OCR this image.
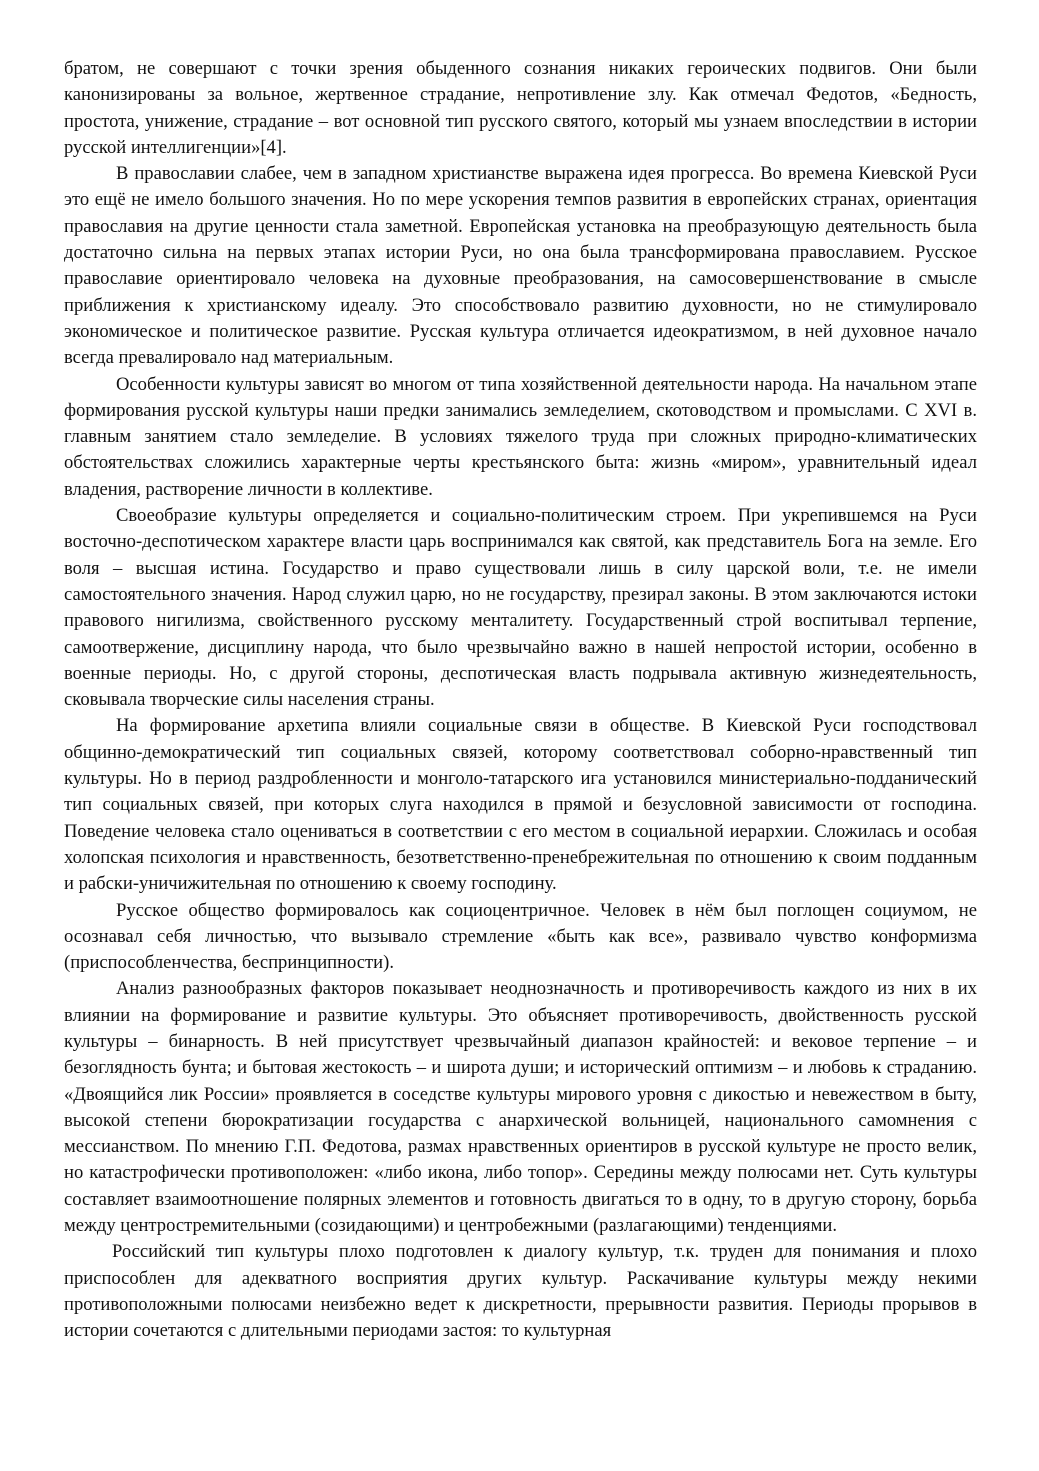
братом, не совершают с точки зрения обыденного сознания никаких героических подвигов. Они были канонизированы за вольное, жертвенное страдание, непротивление злу. Как отмечал Федотов, «Бедность, простота, унижение, страдание – вот основной тип русского святого, который мы узнаем впоследствии в истории русской интеллигенции»[4].

В православии слабее, чем в западном христианстве выражена идея прогресса. Во времена Киевской Руси это ещё не имело большого значения. Но по мере ускорения темпов развития в европейских странах, ориентация православия на другие ценности стала заметной. Европейская установка на преобразующую деятельность была достаточно сильна на первых этапах истории Руси, но она была трансформирована православием. Русское православие ориентировало человека на духовные преобразования, на самосовершенствование в смысле приближения к христианскому идеалу. Это способствовало развитию духовности, но не стимулировало экономическое и политическое развитие. Русская культура отличается идеократизмом, в ней духовное начало всегда превалировало над материальным.

Особенности культуры зависят во многом от типа хозяйственной деятельности народа. На начальном этапе формирования русской культуры наши предки занимались земледелием, скотоводством и промыслами. С XVI в. главным занятием стало земледелие. В условиях тяжелого труда при сложных природно-климатических обстоятельствах сложились характерные черты крестьянского быта: жизнь «миром», уравнительный идеал владения, растворение личности в коллективе.

Своеобразие культуры определяется и социально-политическим строем. При укрепившемся на Руси восточно-деспотическом характере власти царь воспринимался как святой, как представитель Бога на земле. Его воля – высшая истина. Государство и право существовали лишь в силу царской воли, т.е. не имели самостоятельного значения. Народ служил царю, но не государству, презирал законы. В этом заключаются истоки правового нигилизма, свойственного русскому менталитету. Государственный строй воспитывал терпение, самоотвержение, дисциплину народа, что было чрезвычайно важно в нашей непростой истории, особенно в военные периоды. Но, с другой стороны, деспотическая власть подрывала активную жизнедеятельность, сковывала творческие силы населения страны.

На формирование архетипа влияли социальные связи в обществе. В Киевской Руси господствовал общинно-демократический тип социальных связей, которому соответствовал соборно-нравственный тип культуры. Но в период раздробленности и монголо-татарского ига установился министериально-подданический тип социальных связей, при которых слуга находился в прямой и безусловной зависимости от господина. Поведение человека стало оцениваться в соответствии с его местом в социальной иерархии. Сложилась и особая холопская психология и нравственность, безответственно-пренебрежительная по отношению к своим подданным и рабски-уничижительная по отношению к своему господину.

Русское общество формировалось как социоцентричное. Человек в нём был поглощен социумом, не осознавал себя личностью, что вызывало стремление «быть как все», развивало чувство конформизма (приспособленчества, беспринципности).

Анализ разнообразных факторов показывает неоднозначность и противоречивость каждого из них в их влиянии на формирование и развитие культуры. Это объясняет противоречивость, двойственность русской культуры – бинарность. В ней присутствует чрезвычайный диапазон крайностей: и вековое терпение – и безоглядность бунта; и бытовая жестокость – и широта души; и исторический оптимизм – и любовь к страданию. «Двоящийся лик России» проявляется в соседстве культуры мирового уровня с дикостью и невежеством в быту, высокой степени бюрократизации государства с анархической вольницей, национального самомнения с мессианством. По мнению Г.П. Федотова, размах нравственных ориентиров в русской культуре не просто велик, но катастрофически противоположен: «либо икона, либо топор». Середины между полюсами нет. Суть культуры составляет взаимоотношение полярных элементов и готовность двигаться то в одну, то в другую сторону, борьба между центростремительными (созидающими) и центробежными (разлагающими) тенденциями.

Российский тип культуры плохо подготовлен к диалогу культур, т.к. труден для понимания и плохо приспособлен для адекватного восприятия других культур. Раскачивание культуры между некими противоположными полюсами неизбежно ведет к дискретности, прерывности развития. Периоды прорывов в истории сочетаются с длительными периодами застоя: то культурная
